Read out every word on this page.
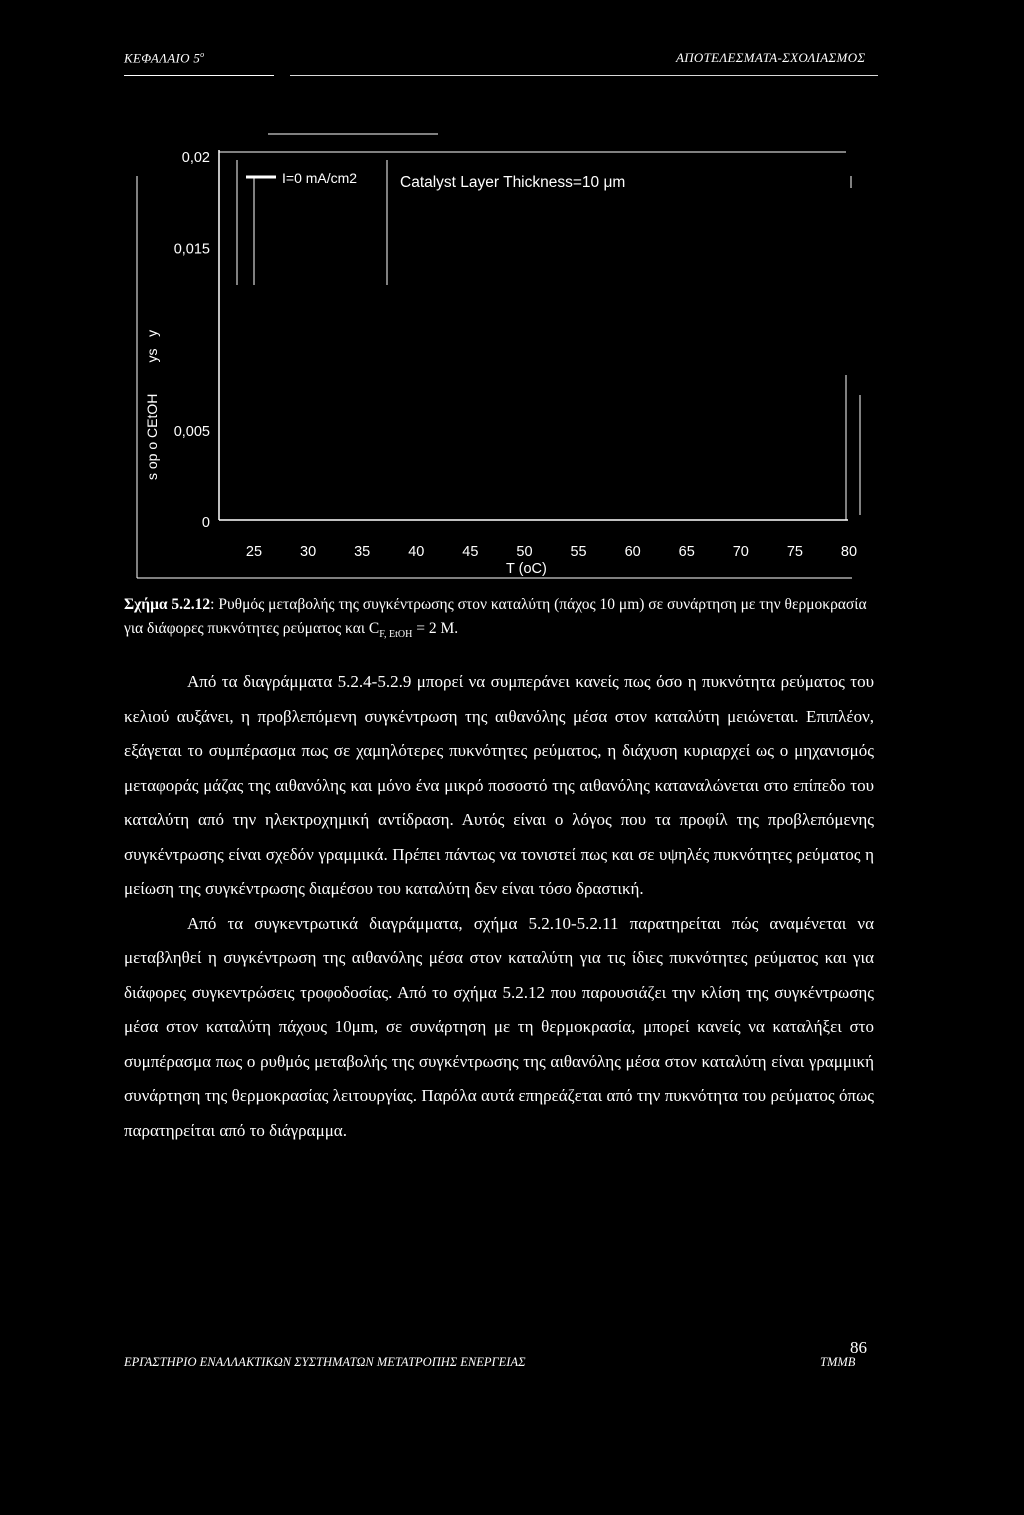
ΚΕΦΑΛΑΙΟ $5^o$	ΑΠΟΤΕΛΕΣΜΑΤΑ-ΣΧΟΛΙΑΣΜΟΣ
0,02
0,015
0,005
0
25	30	35	40	45	50	55	60	65	70	75	80
I=0 mA/cm2	Catalyst Layer Thickness=10 μm
T (oC)
s op o CEtOH        ys   y
Σχήμα 5.2.12: Ρυθμός μεταβολής της συγκέντρωσης στον καταλύτη (πάχος 10 μm) σε συνάρτηση με την θερμοκρασία για διάφορες πυκνότητες ρεύματος και $C_{F, EtOH} = 2$ M.

Από τα διαγράμματα 5.2.4-5.2.9 μπορεί να συμπεράνει κανείς πως όσο η πυκνότητα ρεύματος του κελιού αυξάνει, η προβλεπόμενη συγκέντρωση της αιθανόλης μέσα στον καταλύτη μειώνεται. Επιπλέον, εξάγεται το συμπέρασμα πως σε χαμηλότερες πυκνότητες ρεύματος, η διάχυση κυριαρχεί ως ο μηχανισμός μεταφοράς μάζας της αιθανόλης και μόνο ένα μικρό ποσοστό της αιθανόλης καταναλώνεται στο επίπεδο του καταλύτη από την ηλεκτροχημική αντίδραση. Αυτός είναι ο λόγος που τα προφίλ της προβλεπόμενης συγκέντρωσης είναι σχεδόν γραμμικά. Πρέπει πάντως να τονιστεί πως και σε υψηλές πυκνότητες ρεύματος η μείωση της συγκέντρωσης διαμέσου του καταλύτη δεν είναι τόσο δραστική.

Από τα συγκεντρωτικά διαγράμματα, σχήμα 5.2.10-5.2.11 παρατηρείται πώς αναμένεται να μεταβληθεί η συγκέντρωση της αιθανόλης μέσα στον καταλύτη για τις ίδιες πυκνότητες ρεύματος και για διάφορες συγκεντρώσεις τροφοδοσίας. Από το σχήμα 5.2.12 που παρουσιάζει την κλίση της συγκέντρωσης μέσα στον καταλύτη πάχους 10μm, σε συνάρτηση με τη θερμοκρασία, μπορεί κανείς να καταλήξει στο συμπέρασμα πως ο ρυθμός μεταβολής της συγκέντρωσης της αιθανόλης μέσα στον καταλύτη είναι γραμμική συνάρτηση της θερμοκρασίας λειτουργίας. Παρόλα αυτά επηρεάζεται από την πυκνότητα του ρεύματος όπως παρατηρείται από το διάγραμμα.

86
ΕΡΓΑΣΤΗΡΙΟ ΕΝΑΛΛΑΚΤΙΚΩΝ ΣΥΣΤΗΜΑΤΩΝ ΜΕΤΑΤΡΟΠΗΣ ΕΝΕΡΓΕΙΑΣ	ΤΜΜΒ
